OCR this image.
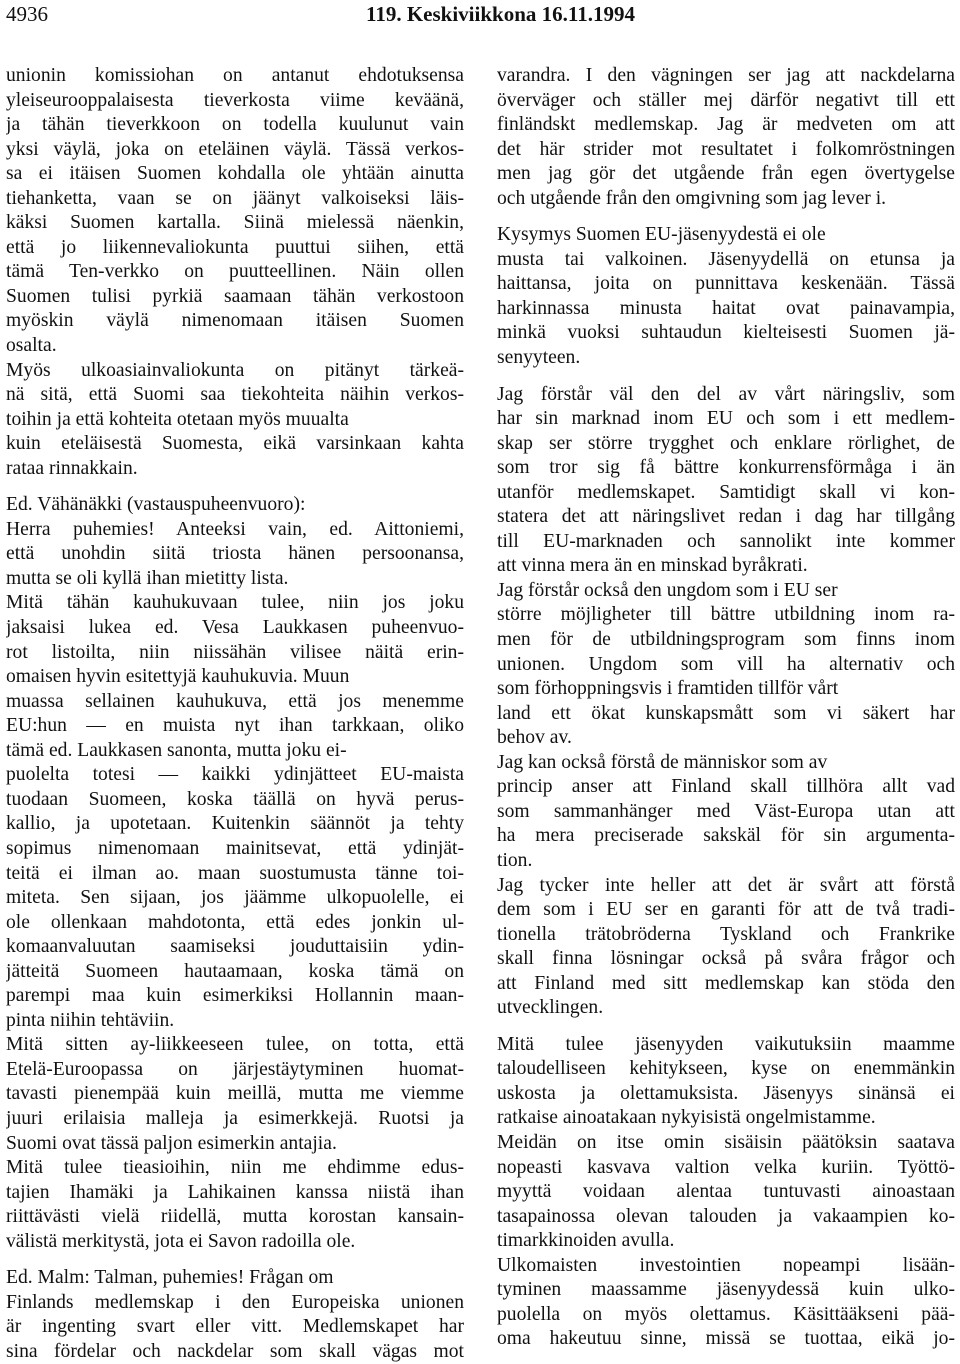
4936	119. Keskiviikkona 16.11.1994
unionin komissiohan on antanut ehdotuksensa
yleiseurooppalaisesta tieverkosta viime keväänä,
ja tähän tieverkkoon on todella kuulunut vain
yksi väylä, joka on eteläinen väylä. Tässä verkos-
sa ei itäisen Suomen kohdalla ole yhtään ainutta
tiehanketta, vaan se on jäänyt valkoiseksi läis-
käksi Suomen kartalla. Siinä mielessä näenkin,
että jo liikennevaliokunta puuttui siihen, että
tämä Ten-verkko on puutteellinen. Näin ollen
Suomen tulisi pyrkiä saamaan tähän verkostoon
myöskin väylä nimenomaan itäisen Suomen
osalta.
Myös ulkoasiainvaliokunta on pitänyt tärkeä-
nä sitä, että Suomi saa tiekohteita näihin verkos-
toihin ja että kohteita otetaan myös muualta
kuin eteläisestä Suomesta, eikä varsinkaan kahta
rataa rinnakkain.
Ed. Vähänäkki (vastauspuheenvuoro):
Herra puhemies! Anteeksi vain, ed. Aittoniemi,
että unohdin siitä triosta hänen persoonansa,
mutta se oli kyllä ihan mietitty lista.
Mitä tähän kauhukuvaan tulee, niin jos joku
jaksaisi lukea ed. Vesa Laukkasen puheenvuo-
rot listoilta, niin niissähän vilisee näitä erin-
omaisen hyvin esitettyjä kauhukuvia. Muun
muassa sellainen kauhukuva, että jos menemme
EU:hun — en muista nyt ihan tarkkaan, oliko
tämä ed. Laukkasen sanonta, mutta joku ei-
puolelta totesi — kaikki ydinjätteet EU-maista
tuodaan Suomeen, koska täällä on hyvä perus-
kallio, ja upotetaan. Kuitenkin säännöt ja tehty
sopimus nimenomaan mainitsevat, että ydinjät-
teitä ei ilman ao. maan suostumusta tänne toi-
miteta. Sen sijaan, jos jäämme ulkopuolelle, ei
ole ollenkaan mahdotonta, että edes jonkin ul-
komaanvaluutan saamiseksi jouduttaisiin ydin-
jätteitä Suomeen hautaamaan, koska tämä on
parempi maa kuin esimerkiksi Hollannin maan-
pinta niihin tehtäviin.
Mitä sitten ay-liikkeeseen tulee, on totta, että
Etelä-Euroopassa on järjestäytyminen huomat-
tavasti pienempää kuin meillä, mutta me viemme
juuri erilaisia malleja ja esimerkkejä. Ruotsi ja
Suomi ovat tässä paljon esimerkin antajia.
Mitä tulee tieasioihin, niin me ehdimme edus-
tajien Ihamäki ja Lahikainen kanssa niistä ihan
riittävästi vielä riidellä, mutta korostan kansain-
välistä merkitystä, jota ei Savon radoilla ole.
Ed. Malm: Talman, puhemies! Frågan om
Finlands medlemskap i den Europeiska unionen
är ingenting svart eller vitt. Medlemskapet har
sina fördelar och nackdelar som skall vägas mot
varandra. I den vägningen ser jag att nackdelarna
överväger och ställer mej därför negativt till ett
finländskt medlemskap. Jag är medveten om att
det här strider mot resultatet i folkomröstningen
men jag gör det utgående från egen övertygelse
och utgående från den omgivning som jag lever i.
Kysymys Suomen EU-jäsenyydestä ei ole
musta tai valkoinen. Jäsenyydellä on etunsa ja
haittansa, joita on punnittava keskenään. Tässä
harkinnassa minusta haitat ovat painavampia,
minkä vuoksi suhtaudun kielteisesti Suomen jä-
senyyteen.
Jag förstår väl den del av vårt näringsliv, som
har sin marknad inom EU och som i ett medlem-
skap ser större trygghet och enklare rörlighet, de
som tror sig få bättre konkurrensförmåga i än
utanför medlemskapet. Samtidigt skall vi kon-
statera det att näringslivet redan i dag har tillgång
till EU-marknaden och sannolikt inte kommer
att vinna mera än en minskad byråkrati.
Jag förstår också den ungdom som i EU ser
större möjligheter till bättre utbildning inom ra-
men för de utbildningsprogram som finns inom
unionen. Ungdom som vill ha alternativ och
som förhoppningsvis i framtiden tillför vårt
land ett ökat kunskapsmått som vi säkert har
behov av.
Jag kan också förstå de människor som av
princip anser att Finland skall tillhöra allt vad
som sammanhänger med Väst-Europa utan att
ha mera preciserade sakskäl för sin argumenta-
tion.
Jag tycker inte heller att det är svårt att förstå
dem som i EU ser en garanti för att de två tradi-
tionella trätobröderna Tyskland och Frankrike
skall finna lösningar också på svåra frågor och
att Finland med sitt medlemskap kan stöda den
utvecklingen.
Mitä tulee jäsenyyden vaikutuksiin maamme
taloudelliseen kehitykseen, kyse on enemmänkin
uskosta ja olettamuksista. Jäsenyys sinänsä ei
ratkaise ainoatakaan nykyisistä ongelmistamme.
Meidän on itse omin sisäisin päätöksin saatava
nopeasti kasvava valtion velka kuriin. Työttö-
myyttä voidaan alentaa tuntuvasti ainoastaan
tasapainossa olevan talouden ja vakaampien ko-
timarkkinoiden avulla.
Ulkomaisten investointien nopeampi lisään-
tyminen maassamme jäsenyydessä kuin ulko-
puolella on myös olettamus. Käsittääkseni pää-
oma hakeutuu sinne, missä se tuottaa, eikä jo-
